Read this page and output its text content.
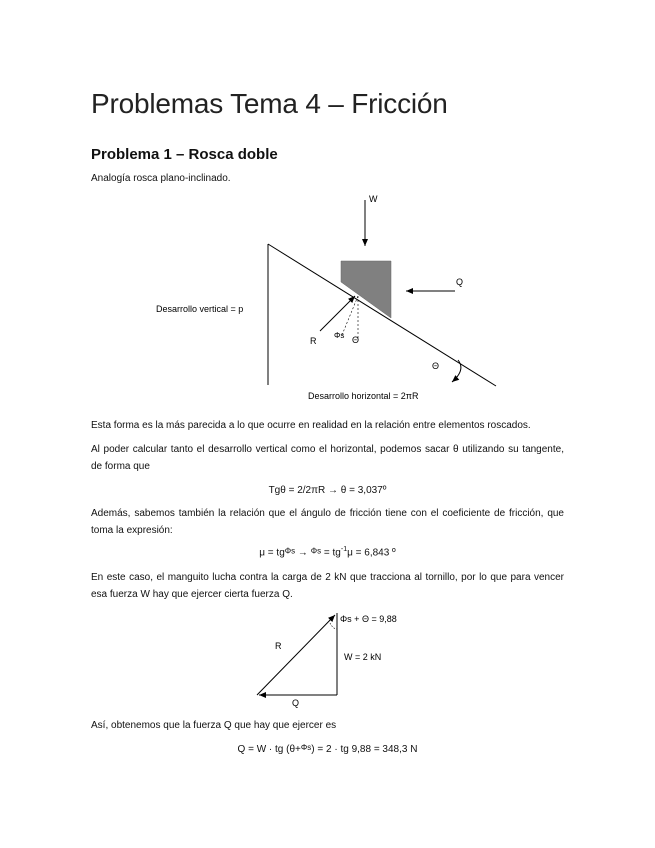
Problemas Tema 4 – Fricción
Problema 1 – Rosca doble

Analogía rosca plano-inclinado.

W
Q
R
Φs Θ
Θ
Desarrollo vertical = p
Desarrollo horizontal = 2πR

Esta forma es la más parecida a lo que ocurre en realidad en la relación entre elementos roscados.

Al poder calcular tanto el desarrollo vertical como el horizontal, podemos sacar θ utilizando su tangente, de forma que

Tgθ = 2/2πR → θ = 3,037º

Además, sabemos también la relación que el ángulo de fricción tiene con el coeficiente de fricción, que toma la expresión:

$\mu = tg^{\Phi s} \to ^{\Phi s} = tg^{-1}\mu = 6,843$ º

En este caso, el manguito lucha contra la carga de 2 kN que tracciona al tornillo, por lo que para vencer esa fuerza W hay que ejercer cierta fuerza Q.

R
Q
W = 2 kN
Φs + Θ = 9,88

Así, obtenemos que la fuerza Q que hay que ejercer es

Q = W · tg (θ+$^{\Phi s}$) = 2 · tg 9,88 = 348,3 N
